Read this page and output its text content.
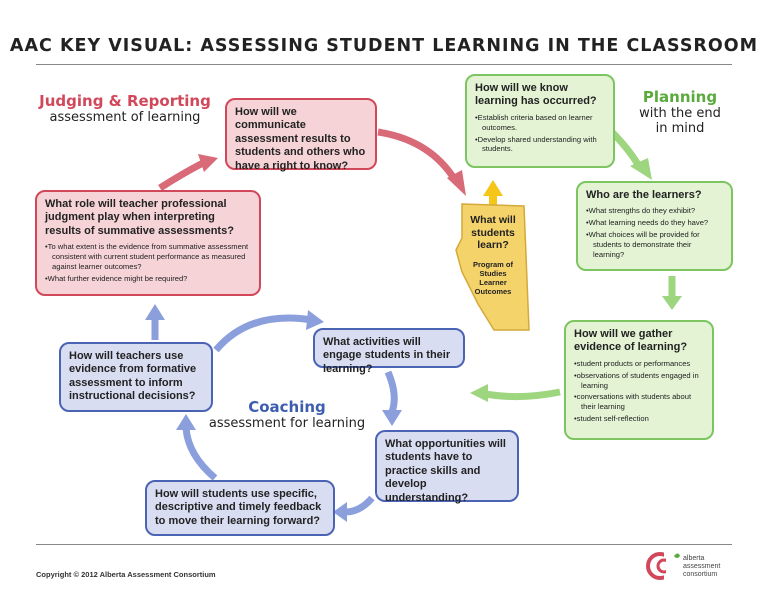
AAC KEY VISUAL: ASSESSING STUDENT LEARNING IN THE CLASSROOM
Judging & Reporting
assessment of learning
Planning
with the end
in mind
Coaching
assessment for learning
How will we communicate assessment results to students and others who have a right to know?
What role will teacher professional judgment play when interpreting results of summative assessments?
• To what extent is the evidence from summative assessment consistent with current student performance as measured against learner outcomes?
• What further evidence might be required?
How will we know learning has occurred?
• Establish criteria based on learner outcomes.
• Develop shared understanding with students.
Who are the learners?
• What strengths do they exhibit?
• What learning needs do they have?
• What choices will be provided for students to demonstrate their learning?
How will we gather evidence of learning?
• student products or performances
• observations of students engaged in learning
• conversations with students about their learning
• student self-reflection
What will students learn?
Program of Studies
Learner Outcomes
What activities will engage students in their learning?
What opportunities will students have to practice skills and develop understanding?
How will students use specific, descriptive and timely feedback to move their learning forward?
How will teachers use evidence from formative assessment to inform instructional decisions?
Copyright © 2012 Alberta Assessment Consortium
alberta
assessment
consortium
